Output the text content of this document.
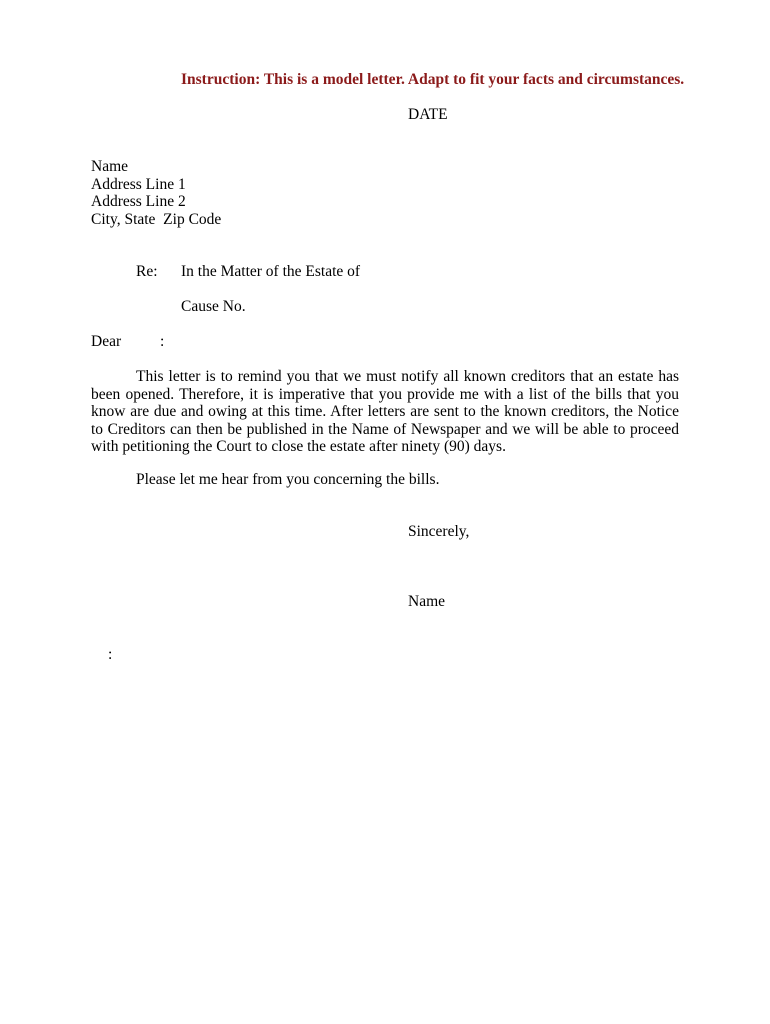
Instruction: This is a model letter. Adapt to fit your facts and circumstances.
DATE
Name
Address Line 1
Address Line 2
City, State  Zip Code
Re: In the Matter of the Estate of
Cause No.
Dear	:
This letter is to remind you that we must notify all known creditors that an estate has been opened. Therefore, it is imperative that you provide me with a list of the bills that you know are due and owing at this time. After letters are sent to the known creditors, the Notice to Creditors can then be published in the Name of Newspaper and we will be able to proceed with petitioning the Court to close the estate after ninety (90) days.
Please let me hear from you concerning the bills.
Sincerely,
Name
:
